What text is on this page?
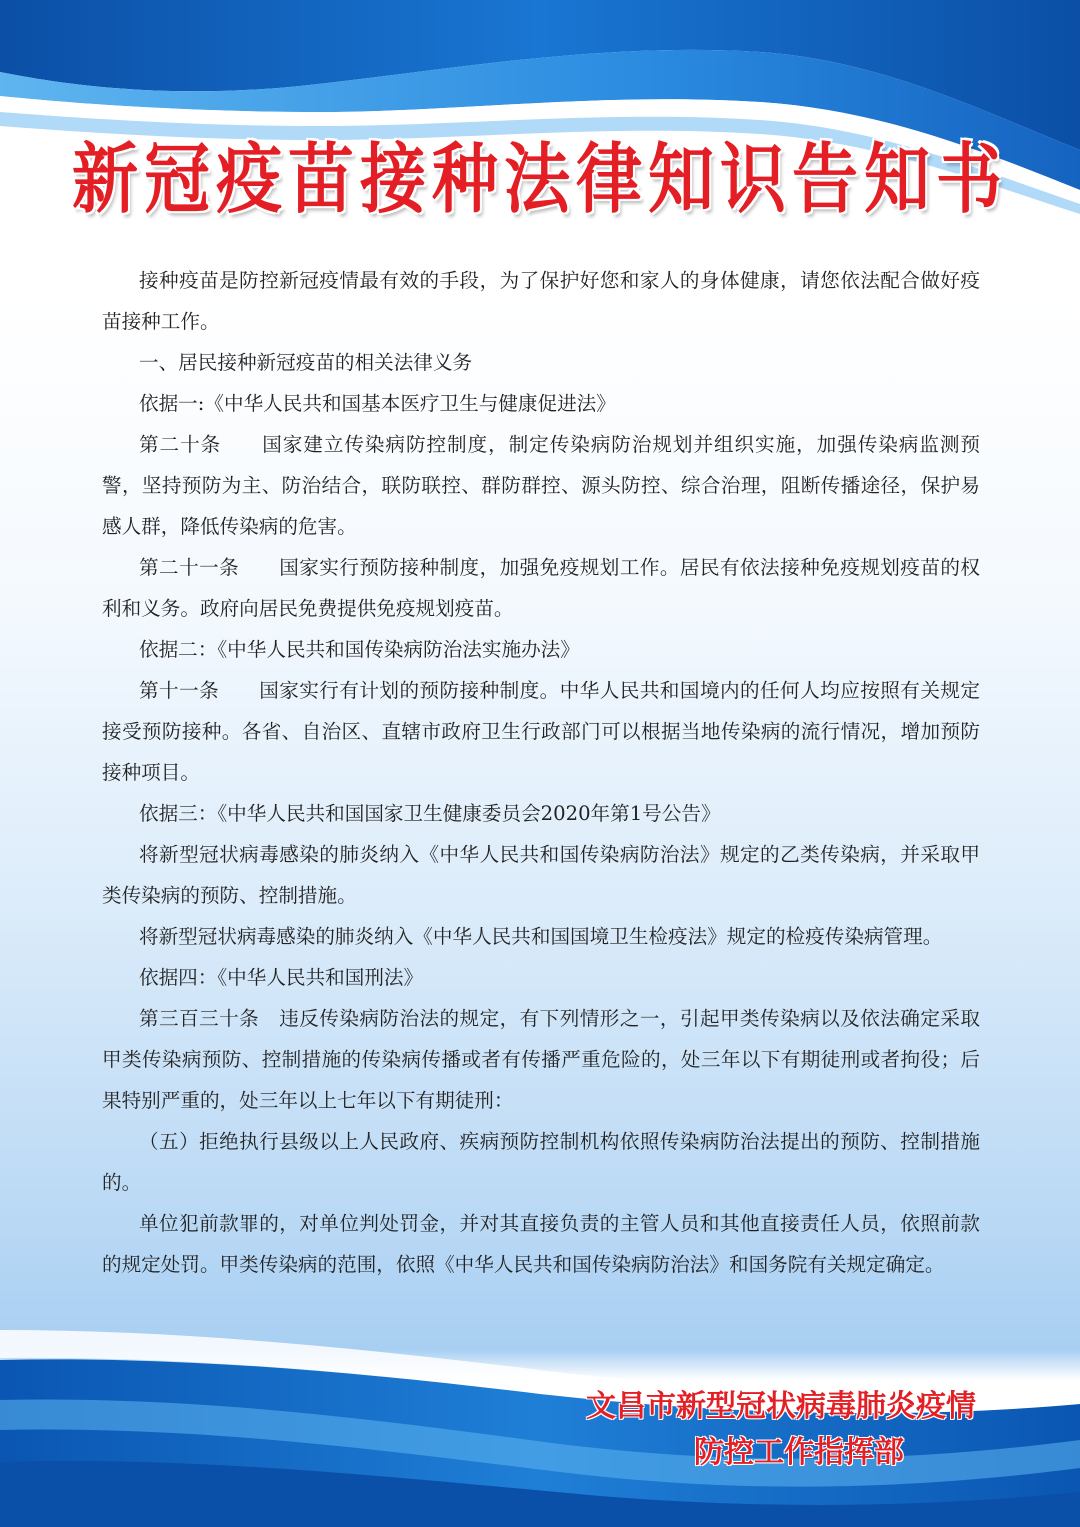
新冠疫苗接种法律知识告知书

接种疫苗是防控新冠疫情最有效的手段，为了保护好您和家人的身体健康，请您依法配合做好疫苗接种工作。

一、居民接种新冠疫苗的相关法律义务

依据一:《中华人民共和国基本医疗卫生与健康促进法》

第二十条　　国家建立传染病防控制度，制定传染病防治规划并组织实施，加强传染病监测预警，坚持预防为主、防治结合，联防联控、群防群控、源头防控、综合治理，阻断传播途径，保护易感人群，降低传染病的危害。

第二十一条　　国家实行预防接种制度，加强免疫规划工作。居民有依法接种免疫规划疫苗的权利和义务。政府向居民免费提供免疫规划疫苗。

依据二：《中华人民共和国传染病防治法实施办法》

第十一条　　国家实行有计划的预防接种制度。中华人民共和国境内的任何人均应按照有关规定接受预防接种。各省、自治区、直辖市政府卫生行政部门可以根据当地传染病的流行情况，增加预防接种项目。

依据三：《中华人民共和国国家卫生健康委员会2020年第1号公告》

将新型冠状病毒感染的肺炎纳入《中华人民共和国传染病防治法》规定的乙类传染病，并采取甲类传染病的预防、控制措施。

将新型冠状病毒感染的肺炎纳入《中华人民共和国国境卫生检疫法》规定的检疫传染病管理。

依据四：《中华人民共和国刑法》

第三百三十条　违反传染病防治法的规定，有下列情形之一，引起甲类传染病以及依法确定采取甲类传染病预防、控制措施的传染病传播或者有传播严重危险的，处三年以下有期徒刑或者拘役；后果特别严重的，处三年以上七年以下有期徒刑：

（五）拒绝执行县级以上人民政府、疾病预防控制机构依照传染病防治法提出的预防、控制措施的。

单位犯前款罪的，对单位判处罚金，并对其直接负责的主管人员和其他直接责任人员，依照前款的规定处罚。甲类传染病的范围，依照《中华人民共和国传染病防治法》和国务院有关规定确定。

文昌市新型冠状病毒肺炎疫情

防控工作指挥部
